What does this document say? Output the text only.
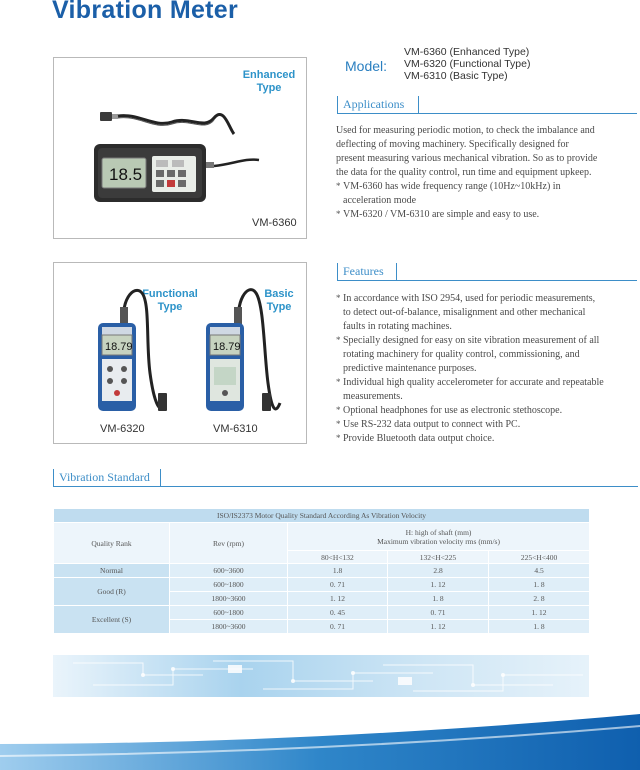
Vibration Meter
Enhanced
Type
18.5
VM-6360
Functional
Type
Basic
Type
18.79	18.79
VM-6320	VM-6310
Model:
VM-6360 (Enhanced Type)
VM-6320 (Functional Type)
VM-6310 (Basic Type)
Applications

Used for measuring periodic motion, to check the imbalance and deflecting of moving machinery. Specifically designed for present measuring various mechanical vibration. So as to provide the data for the quality control, run time and equipment upkeep.

* VM-6360 has wide frequency range (10Hz~10kHz) in acceleration mode
* VM-6320 / VM-6310 are simple and easy to use.
Features
* In accordance with ISO 2954, used for periodic measurements, to detect out-of-balance, misalignment and other mechanical faults in rotating machines.
* Specially designed for easy on site vibration measurement of all rotating machinery for quality control, commissioning, and predictive maintenance purposes.
* Individual high quality accelerometer for accurate and repeatable measurements.
* Optional headphones for use as electronic stethoscope.
* Use RS-232 data output to connect with PC.
* Provide Bluetooth data output choice.
Vibration Standard
ISO/IS2373 Motor Quality Standard According As Vibration Velocity				
Quality Rank	Rev (rpm)	H: high of shaft (mm)
Maximum vibration velocity rms (mm/s)		

		80<H<132	132<H<225	225<H<400
Normal	600~3600	1.8	2.8	4.5
Good (R)	600~1800	0. 71	1. 12	1. 8
	1800~3600	1. 12	1. 8	2. 8
Excellent (S)	600~1800	0. 45	0. 71	1. 12
	1800~3600	0. 71	1. 12	1. 8
